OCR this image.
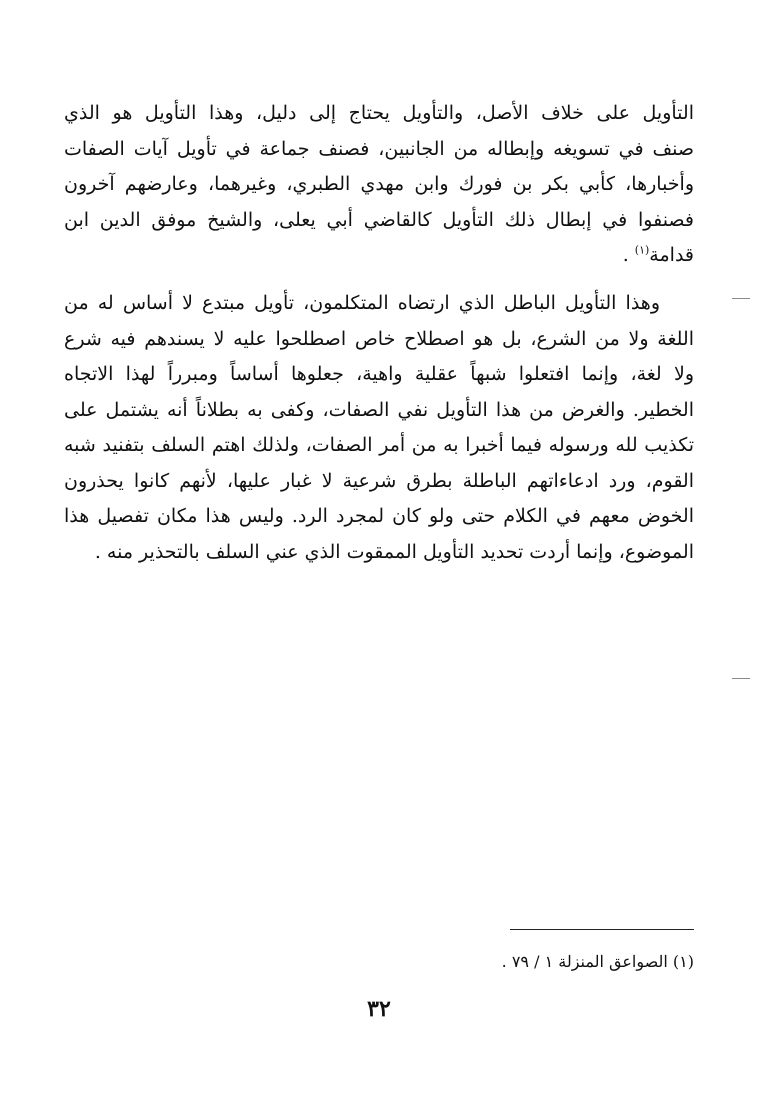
التأويل على خلاف الأصل، والتأويل يحتاج إلى دليل، وهذا التأويل هو الذي
صنف في تسويغه وإبطاله من الجانبين، فصنف جماعة في تأويل آيات الصفات
وأخبارها، كأبي بكر بن فورك وابن مهدي الطبري، وغيرهما، وعارضهم آخرون
فصنفوا في إبطال ذلك التأويل كالقاضي أبي يعلى، والشيخ موفق الدين ابن
قدامة$^{(١)}$ .
وهذا التأويل الباطل الذي ارتضاه المتكلمون، تأويل مبتدع لا أساس له من
اللغة ولا من الشرع، بل هو اصطلاح خاص اصطلحوا عليه لا يسندهم فيه شرع
ولا لغة، وإنما افتعلوا شبهاً عقلية واهية، جعلوها أساساً ومبرراً لهذا الاتجاه
الخطير. والغرض من هذا التأويل نفي الصفات، وكفى به بطلاناً أنه يشتمل على
تكذيب لله ورسوله فيما أخبرا به من أمر الصفات، ولذلك اهتم السلف بتفنيد شبه
القوم، ورد ادعاءاتهم الباطلة بطرق شرعية لا غبار عليها، لأنهم كانوا يحذرون
الخوض معهم في الكلام حتى ولو كان لمجرد الرد. وليس هذا مكان تفصيل هذا
الموضوع، وإنما أردت تحديد التأويل الممقوت الذي عني السلف بالتحذير منه .
(١) الصواعق المنزلة ١ / ٧٩ .
٣٢
